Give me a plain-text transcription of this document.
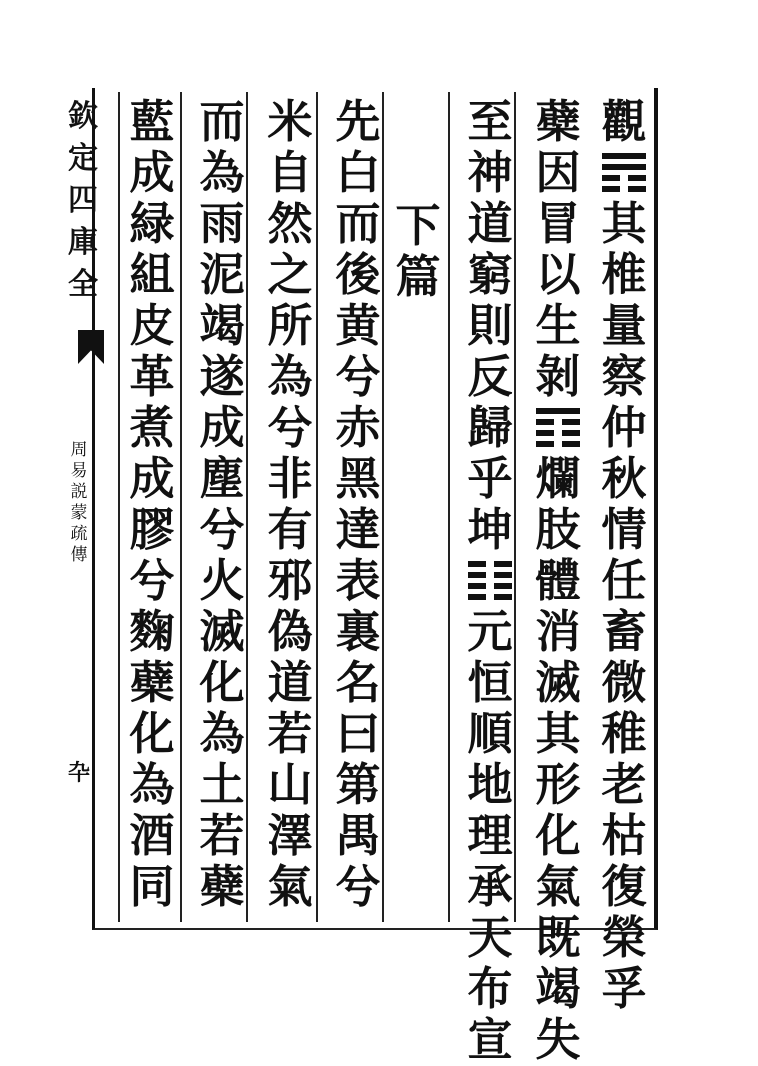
欽
定
四
庫
全
周
易
説
蒙
疏
傳
卆
觀
其
椎
量
察
仲
秋
情
任
畜
微
稚
老
枯
復
榮
孚
蘗
因
冒
以
生
剝
爛
肢
體
消
滅
其
形
化
氣
既
竭
失
至
神
道
窮
則
反
歸
乎
坤
元
恒
順
地
理
承
天
布
宣
下
篇
先
白
而
後
黄
兮
赤
黑
達
表
裏
名
曰
第
禺
兮
米
自
然
之
所
為
兮
非
有
邪
偽
道
若
山
澤
氣
而
為
雨
泥
竭
遂
成
塵
兮
火
滅
化
為
土
若
蘗
藍
成
緑
組
皮
革
煮
成
膠
兮
麴
蘗
化
為
酒
同
